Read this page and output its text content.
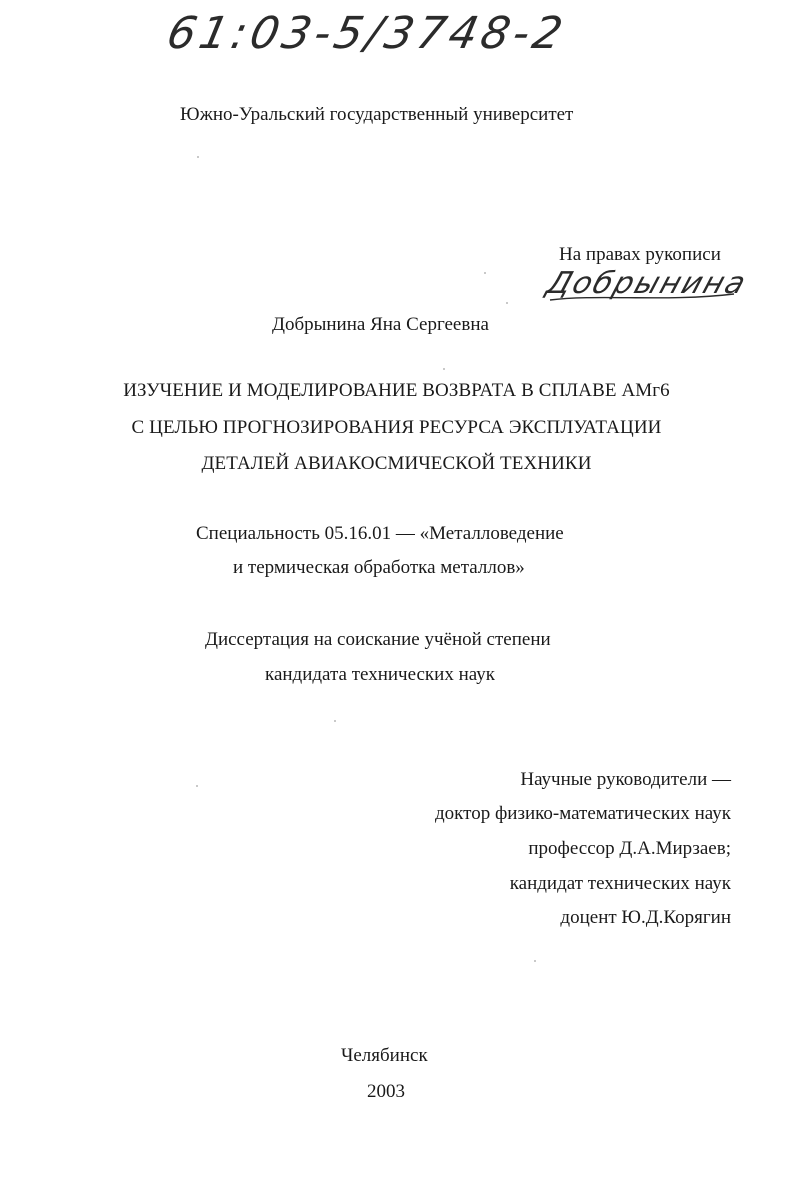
61:03-5/3748-2
Южно-Уральский государственный университет
На правах рукописи
Добрынина
Добрынина Яна Сергеевна
ИЗУЧЕНИЕ И МОДЕЛИРОВАНИЕ ВОЗВРАТА В СПЛАВЕ АМг6
С ЦЕЛЬЮ ПРОГНОЗИРОВАНИЯ РЕСУРСА ЭКСПЛУАТАЦИИ
ДЕТАЛЕЙ АВИАКОСМИЧЕСКОЙ ТЕХНИКИ
Специальность 05.16.01 — «Металловедение
и термическая обработка металлов»
Диссертация на соискание учёной степени
кандидата технических наук
Научные руководители —
доктор физико-математических наук
профессор Д.А.Мирзаев;
кандидат технических наук
доцент Ю.Д.Корягин
Челябинск
2003
